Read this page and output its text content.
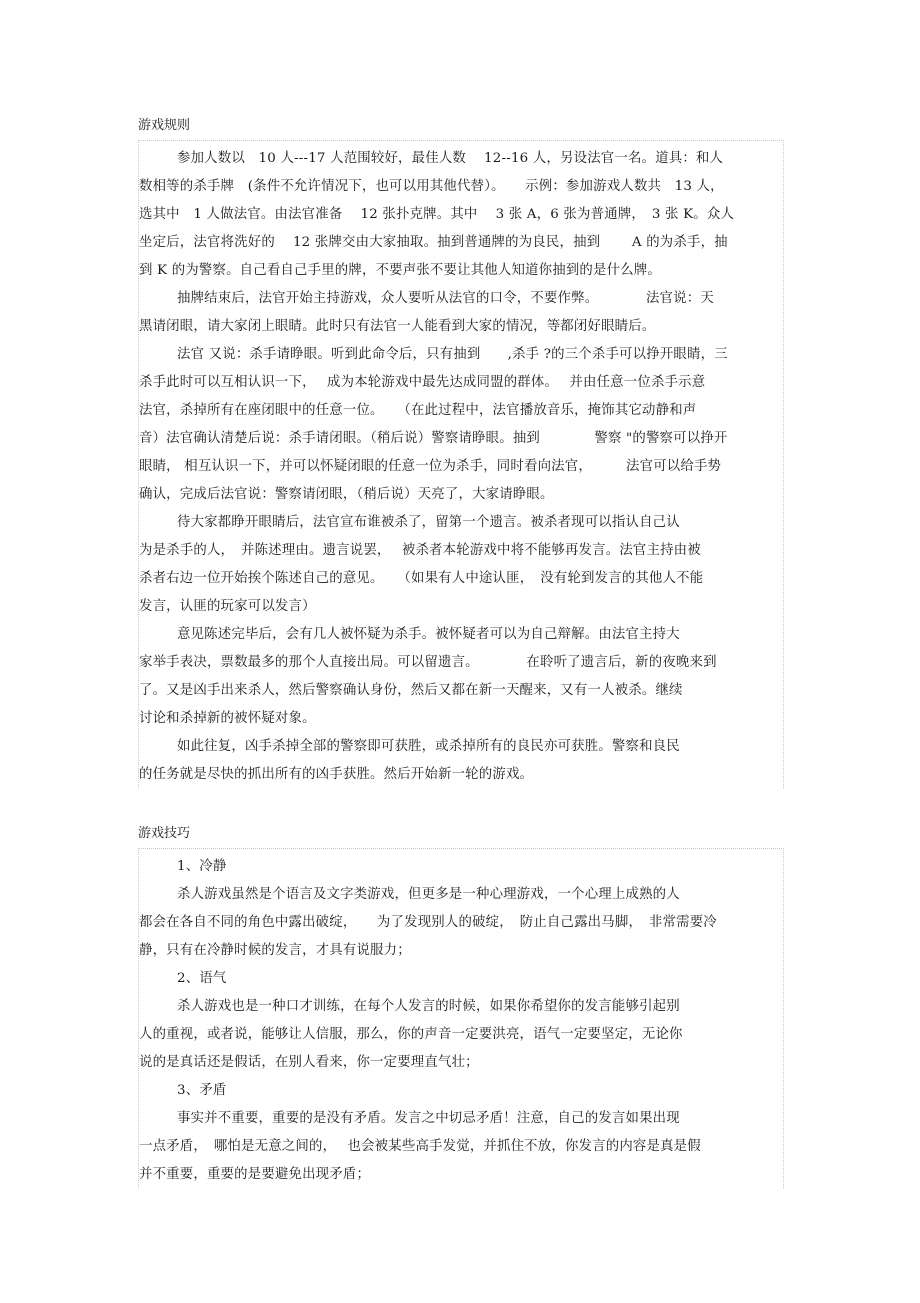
游戏规则

参加人数以　10 人---17 人范围较好，最佳人数　 12--16 人，另设法官一名。道具：和人
数相等的杀手牌　(条件不允许情况下，也可以用其他代替）。　　示例：参加游戏人数共　13 人，
选其中　1 人做法官。由法官准备　 12 张扑克牌。其中　 3 张 A，6 张为普通牌，　3 张 K。众人
坐定后，法官将洗好的　 12 张牌交由大家抽取。抽到普通牌的为良民，抽到　　 A 的为杀手，抽
到 K 的为警察。自己看自己手里的牌，不要声张不要让其他人知道你抽到的是什么牌。
抽牌结束后，法官开始主持游戏，众人要听从法官的口令，不要作弊。　　　　法官说：天
黑请闭眼，请大家闭上眼睛。此时只有法官一人能看到大家的情况，等都闭好眼睛后。
法官 又说：杀手请睁眼。听到此命令后，只有抽到　　,杀手 ?的三个杀手可以挣开眼睛，三
杀手此时可以互相认识一下，　 成为本轮游戏中最先达成同盟的群体。　 并由任意一位杀手示意
法官，杀掉所有在座闭眼中的任意一位。　　（在此过程中，法官播放音乐，掩饰其它动静和声
音）法官确认清楚后说：杀手请闭眼。（稍后说）警察请睁眼。抽到　　　　警察 "的警察可以挣开
眼睛， 相互认识一下，并可以怀疑闭眼的任意一位为杀手，同时看向法官，　　　法官可以给手势
确认，完成后法官说：警察请闭眼，（稍后说）天亮了，大家请睁眼。
待大家都睁开眼睛后，法官宣布谁被杀了，留第一个遗言。被杀者现可以指认自己认
为是杀手的人，　并陈述理由。遗言说罢，　 被杀者本轮游戏中将不能够再发言。法官主持由被
杀者右边一位开始挨个陈述自己的意见。　　（如果有人中途认匪，　没有轮到发言的其他人不能
发言，认匪的玩家可以发言）
意见陈述完毕后，会有几人被怀疑为杀手。被怀疑者可以为自己辩解。由法官主持大
家举手表决，票数最多的那个人直接出局。可以留遗言。　　　　在聆听了遗言后，新的夜晚来到
了。又是凶手出来杀人，然后警察确认身份，然后又都在新一天醒来，又有一人被杀。继续
讨论和杀掉新的被怀疑对象。
如此往复，凶手杀掉全部的警察即可获胜，或杀掉所有的良民亦可获胜。警察和良民
的任务就是尽快的抓出所有的凶手获胜。然后开始新一轮的游戏。

游戏技巧

1、冷静
杀人游戏虽然是个语言及文字类游戏，但更多是一种心理游戏，一个心理上成熟的人
都会在各自不同的角色中露出破绽，　　为了发现别人的破绽，　防止自己露出马脚，　非常需要冷
静，只有在冷静时候的发言，才具有说服力；
2、语气
杀人游戏也是一种口才训练，在每个人发言的时候，如果你希望你的发言能够引起别
人的重视，或者说，能够让人信服，那么，你的声音一定要洪亮，语气一定要坚定，无论你
说的是真话还是假话，在别人看来，你一定要理直气壮；
3、矛盾
事实并不重要，重要的是没有矛盾。发言之中切忌矛盾！注意，自己的发言如果出现
一点矛盾，　哪怕是无意之间的，　 也会被某些高手发觉，并抓住不放，你发言的内容是真是假
并不重要，重要的是要避免出现矛盾；
